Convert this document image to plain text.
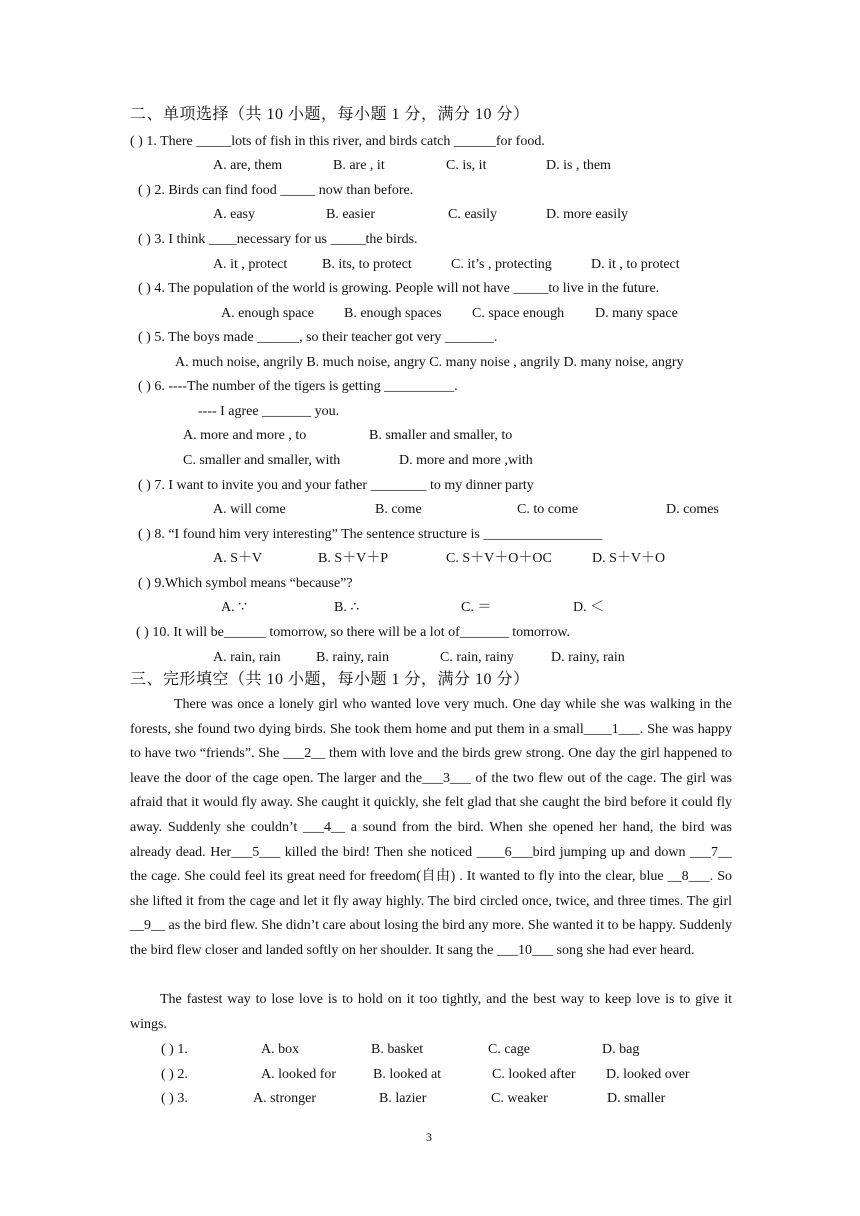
二、单项选择（共 10 小题，每小题 1 分，满分 10 分）
( ) 1. There _____lots of fish in this river, and birds catch ______for food.
A. are, them	B. are , it	C. is, it	D. is , them
( ) 2. Birds can find food _____ now than before.
A. easy	B. easier	C. easily	D. more easily
( ) 3. I think ____necessary for us _____the birds.
A. it , protect B. its, to protect	C. it’s , protecting	D. it , to protect
( ) 4. The population of the world is growing. People will not have _____to live in the future.
A. enough space B. enough spaces C. space enough D. many space
( ) 5. The boys made ______, so their teacher got very _______.
A. much noise, angrily B. much noise, angry C. many noise , angrily D. many noise, angry
( ) 6. ----The number of the tigers is getting __________.
---- I agree _______ you.
A. more and more , to	B. smaller and smaller, to
C. smaller and smaller, with	D. more and more ,with
( ) 7. I want to invite you and your father ________ to my dinner party
A. will come	B. come	C. to come	D. comes
( ) 8. “I found him very interesting” The sentence structure is _________________
A. S＋V	B. S＋V＋P	C. S＋V＋O＋OC	D. S＋V＋O
( ) 9.Which symbol means “because”?
A. ∵	B. ∴	C. ＝	D. ＜
( ) 10. It will be______ tomorrow, so there will be a lot of_______ tomorrow.
A. rain, rain	B. rainy, rain	C. rain, rainy	D. rainy, rain
三、完形填空（共 10 小题，每小题 1 分，满分 10 分）
There was once a lonely girl who wanted love very much. One day while she was walking in the forests, she found two dying birds. She took them home and put them in a small____1___. She was happy to have two “friends”. She ___2__ them with love and the birds grew strong. One day the girl happened to leave the door of the cage open. The larger and the___3___ of the two flew out of the cage. The girl was afraid that it would fly away. She caught it quickly, she felt glad that she caught the bird before it could fly away. Suddenly she couldn’t ___4__ a sound from the bird. When she opened her hand, the bird was already dead. Her___5___ killed the bird! Then she noticed ____6___bird jumping up and down ___7__ the cage. She could feel its great need for freedom(自由) . It wanted to fly into the clear, blue __8___. So she lifted it from the cage and let it fly away highly. The bird circled once, twice, and three times. The girl __9__ as the bird flew. She didn’t care about losing the bird any more. She wanted it to be happy. Suddenly the bird flew closer and landed softly on her shoulder. It sang the ___10___ song she had ever heard.
The fastest way to lose love is to hold on it too tightly, and the best way to keep love is to give it wings.
( ) 1.	A. box	B. basket	C. cage	D. bag
( ) 2.	A. looked for	B. looked at	C. looked after D. looked over
( ) 3.	A. stronger	B. lazier	C. weaker	D. smaller
3
